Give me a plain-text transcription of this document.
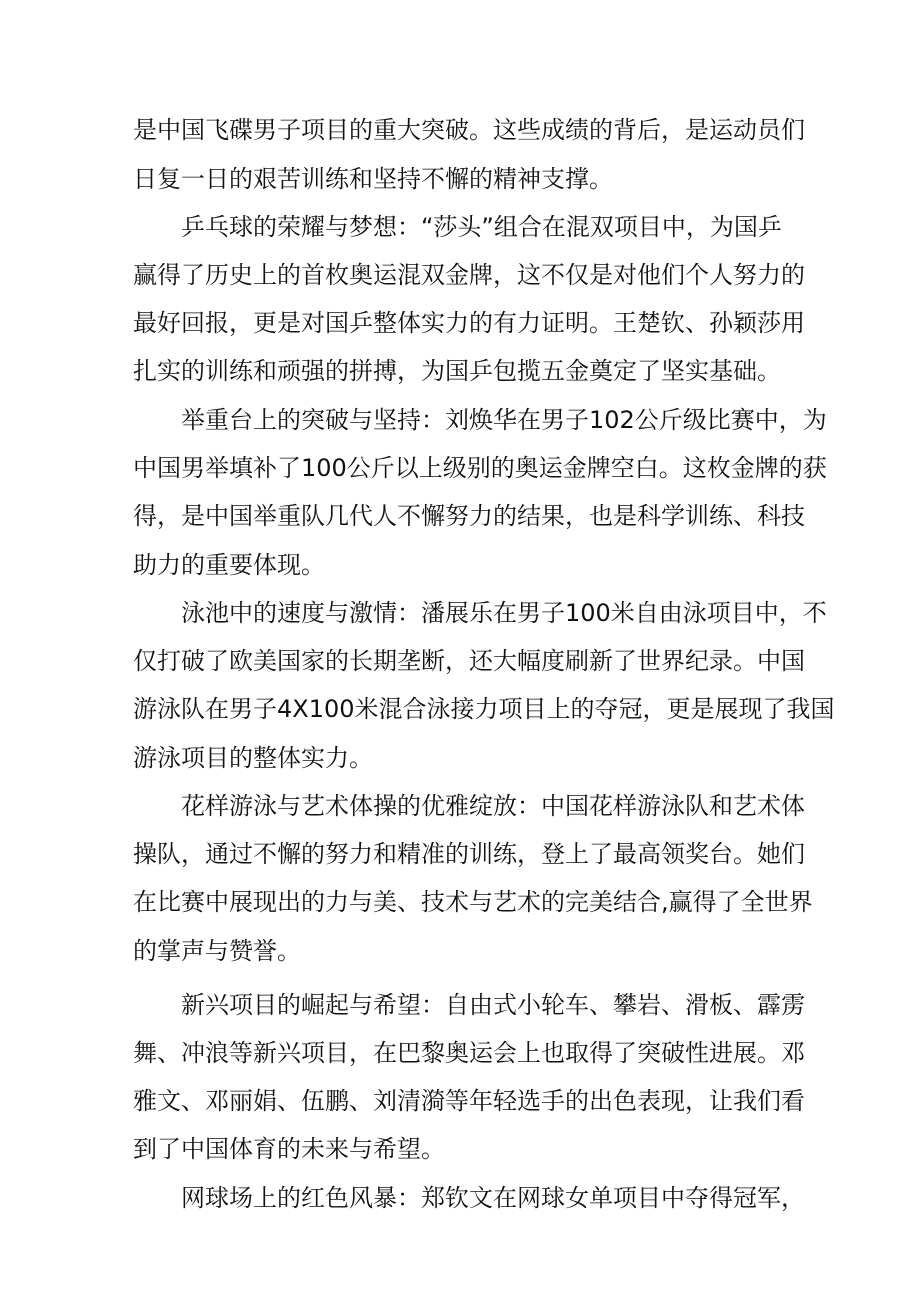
是中国飞碟男子项目的重大突破。这些成绩的背后，是运动员们
日复一日的艰苦训练和坚持不懈的精神支撑。
乒乓球的荣耀与梦想：“莎头”组合在混双项目中，为国乒
赢得了历史上的首枚奥运混双金牌，这不仅是对他们个人努力的
最好回报，更是对国乒整体实力的有力证明。王楚钦、孙颖莎用
扎实的训练和顽强的拼搏，为国乒包揽五金奠定了坚实基础。
举重台上的突破与坚持：刘焕华在男子102公斤级比赛中，为
中国男举填补了100公斤以上级别的奥运金牌空白。这枚金牌的获
得，是中国举重队几代人不懈努力的结果，也是科学训练、科技
助力的重要体现。
泳池中的速度与激情：潘展乐在男子100米自由泳项目中，不
仅打破了欧美国家的长期垄断，还大幅度刷新了世界纪录。中国
游泳队在男子4X100米混合泳接力项目上的夺冠，更是展现了我国
游泳项目的整体实力。
花样游泳与艺术体操的优雅绽放：中国花样游泳队和艺术体
操队，通过不懈的努力和精准的训练，登上了最高领奖台。她们
在比赛中展现出的力与美、技术与艺术的完美结合,赢得了全世界
的掌声与赞誉。
新兴项目的崛起与希望：自由式小轮车、攀岩、滑板、霹雳
舞、冲浪等新兴项目，在巴黎奥运会上也取得了突破性进展。邓
雅文、邓丽娟、伍鹏、刘清漪等年轻选手的出色表现，让我们看
到了中国体育的未来与希望。
网球场上的红色风暴：郑钦文在网球女单项目中夺得冠军，
